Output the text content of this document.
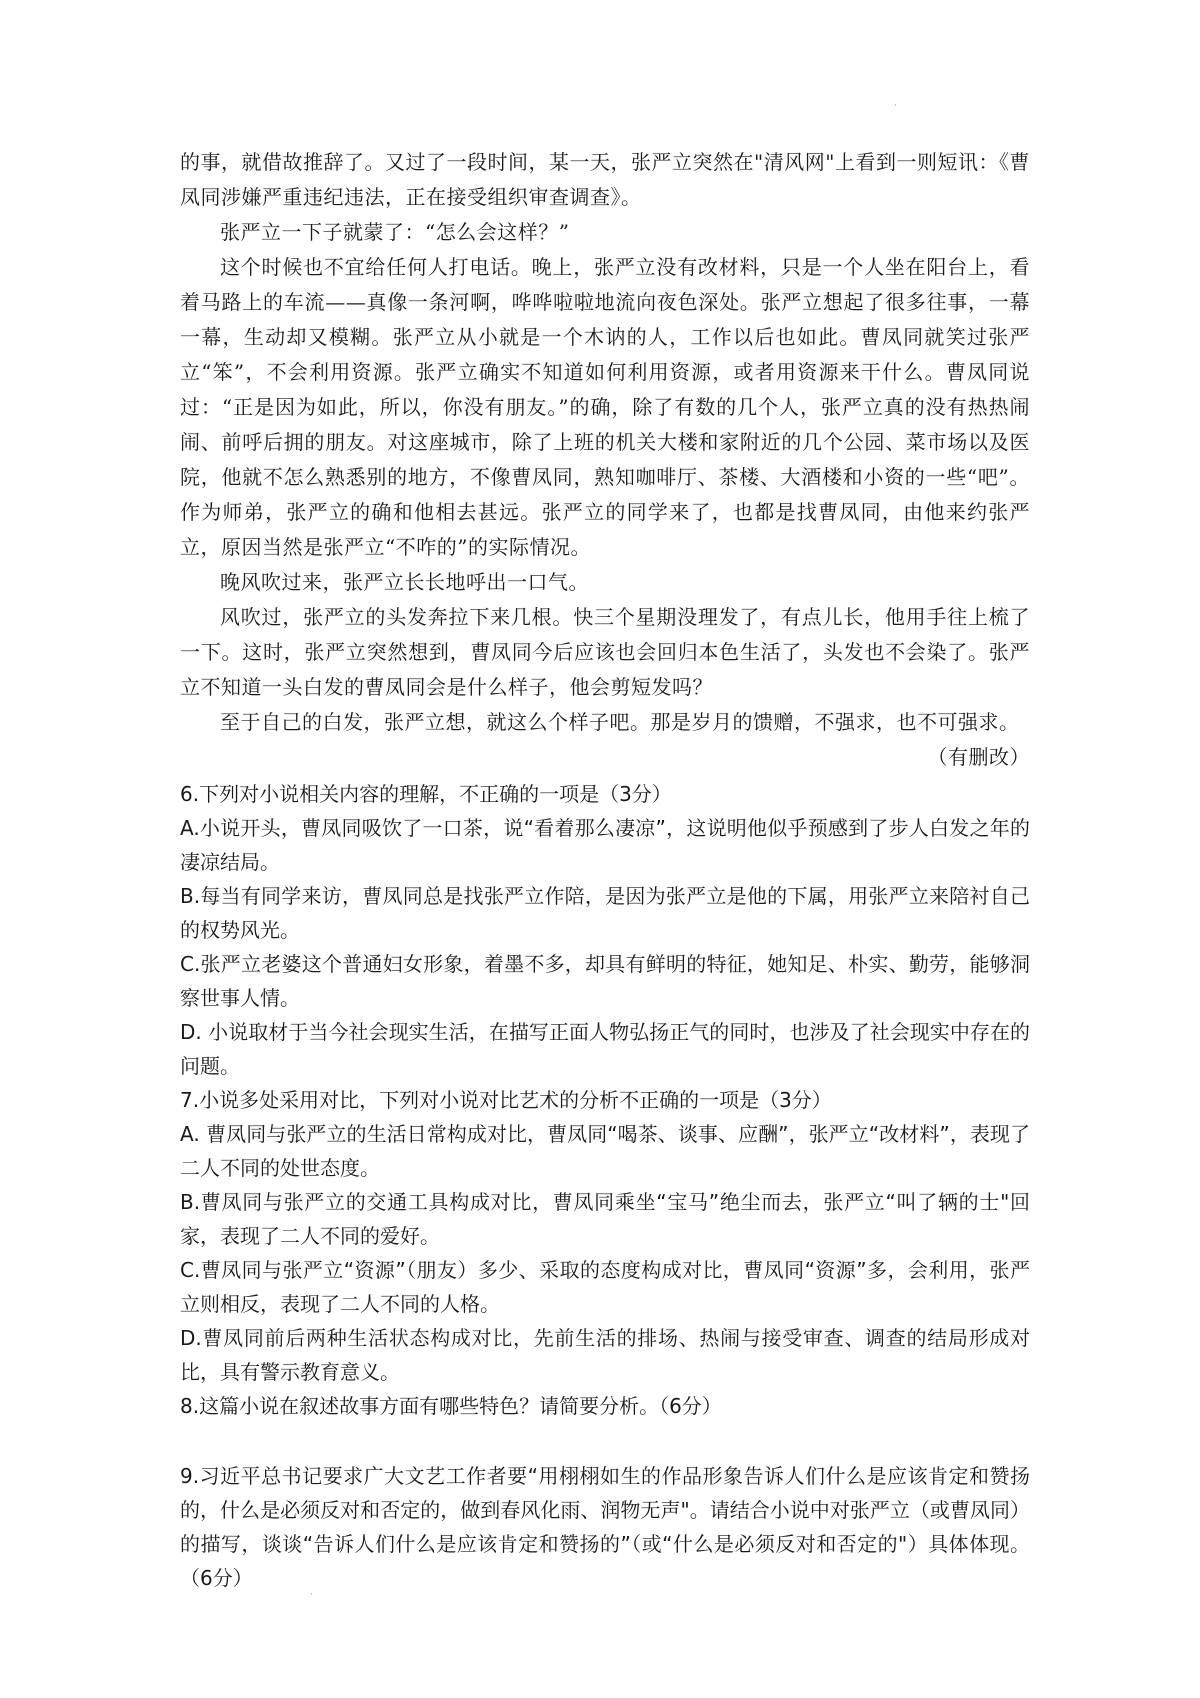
·
·

的事，就借故推辞了。又过了一段时间，某一天，张严立突然在"清风网"上看到一则短讯：《曹凤同涉嫌严重违纪违法，正在接受组织审查调查》。

张严立一下子就蒙了：“怎么会这样？”

这个时候也不宜给任何人打电话。晚上，张严立没有改材料，只是一个人坐在阳台上，看着马路上的车流——真像一条河啊，哗哗啦啦地流向夜色深处。张严立想起了很多往事，一幕一幕，生动却又模糊。张严立从小就是一个木讷的人，工作以后也如此。曹凤同就笑过张严立“笨”，不会利用资源。张严立确实不知道如何利用资源，或者用资源来干什么。曹凤同说过：“正是因为如此，所以，你没有朋友。”的确，除了有数的几个人，张严立真的没有热热闹闹、前呼后拥的朋友。对这座城市，除了上班的机关大楼和家附近的几个公园、菜市场以及医院，他就不怎么熟悉别的地方，不像曹凤同，熟知咖啡厅、茶楼、大酒楼和小资的一些“吧”。作为师弟，张严立的确和他相去甚远。张严立的同学来了，也都是找曹凤同，由他来约张严立，原因当然是张严立“不咋的”的实际情况。

晚风吹过来，张严立长长地呼出一口气。

风吹过，张严立的头发奔拉下来几根。快三个星期没理发了，有点儿长，他用手往上梳了一下。这时，张严立突然想到，曹凤同今后应该也会回归本色生活了，头发也不会染了。张严立不知道一头白发的曹凤同会是什么样子，他会剪短发吗？

至于自己的白发，张严立想，就这么个样子吧。那是岁月的馈赠，不强求，也不可强求。

（有删改）

6.下列对小说相关内容的理解，不正确的一项是（3分）

A.小说开头，曹凤同吸饮了一口茶，说“看着那么凄凉”，这说明他似乎预感到了步人白发之年的凄凉结局。

B.每当有同学来访，曹凤同总是找张严立作陪，是因为张严立是他的下属，用张严立来陪衬自己的权势风光。

C.张严立老婆这个普通妇女形象，着墨不多，却具有鲜明的特征，她知足、朴实、勤劳，能够洞察世事人情。

D. 小说取材于当今社会现实生活，在描写正面人物弘扬正气的同时，也涉及了社会现实中存在的问题。

7.小说多处采用对比，下列对小说对比艺术的分析不正确的一项是（3分）

A. 曹凤同与张严立的生活日常构成对比，曹凤同“喝茶、谈事、应酬”，张严立“改材料”，表现了二人不同的处世态度。

B.曹凤同与张严立的交通工具构成对比，曹凤同乘坐“宝马”绝尘而去，张严立“叫了辆的士"回家，表现了二人不同的爱好。

C.曹凤同与张严立“资源”（朋友）多少、采取的态度构成对比，曹凤同“资源”多，会利用，张严立则相反，表现了二人不同的人格。

D.曹凤同前后两种生活状态构成对比，先前生活的排场、热闹与接受审查、调查的结局形成对比，具有警示教育意义。

8.这篇小说在叙述故事方面有哪些特色？请简要分析。（6分）

9.习近平总书记要求广大文艺工作者要“用栩栩如生的作品形象告诉人们什么是应该肯定和赞扬的，什么是必须反对和否定的，做到春风化雨、润物无声"。请结合小说中对张严立（或曹凤同）的描写，谈谈“告诉人们什么是应该肯定和赞扬的”（或“什么是必须反对和否定的"）具体体现。（6分）
